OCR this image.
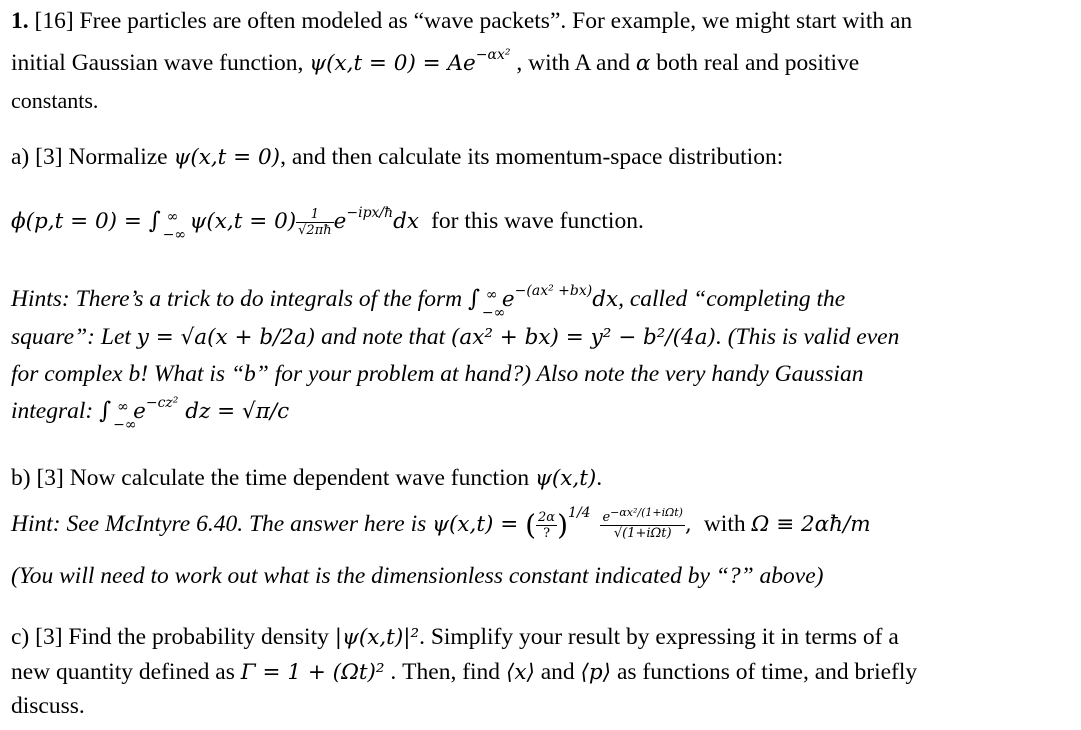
1. [16] Free particles are often modeled as “wave packets”. For example, we might start with an
initial Gaussian wave function, $\psi(x,t = 0) = Ae^{-\alpha x^2}$ , with A and α both real and positive
constants.
a) [3] Normalize ψ(x,t = 0), and then calculate its momentum-space distribution:
ϕ(p,t = 0) = ∫ ∞
−∞
$\psi(x,t = 0) \frac{1}{√2\pi ħ} e^{-ipx/ħ}dx$ for this wave function.
Hints: There’s a trick to do integrals of the form ∫ ∞
−∞
$e^{-(ax^2 +bx)}dx$, called “completing the
square”: Let y = √a(x + b/2a) and note that (ax² + bx) = y² − b²/(4a). (This is valid even
for complex b! What is “b” for your problem at hand?) Also note the very handy Gaussian
integral: ∫ ∞
−∞
$e^{-cz^2}$ dz = √π/c
b) [3] Now calculate the time dependent wave function ψ(x,t).
Hint: See McIntyre 6.40. The answer here is ψ(x,t) = ( $\frac{2\alpha}{?} )^{1/4} \frac{e^{-\alpha x^2/(1+i\Omega t)}}{\text{√(1+iΩt)}}$ , with Ω ≡ 2αħ/m
(You will need to work out what is the dimensionless constant indicated by “?” above)
c) [3] Find the probability density |ψ(x,t)|². Simplify your result by expressing it in terms of a
new quantity defined as Γ = 1 + (Ωt)² . Then, find ⟨x⟩ and ⟨p⟩ as functions of time, and briefly
discuss.
